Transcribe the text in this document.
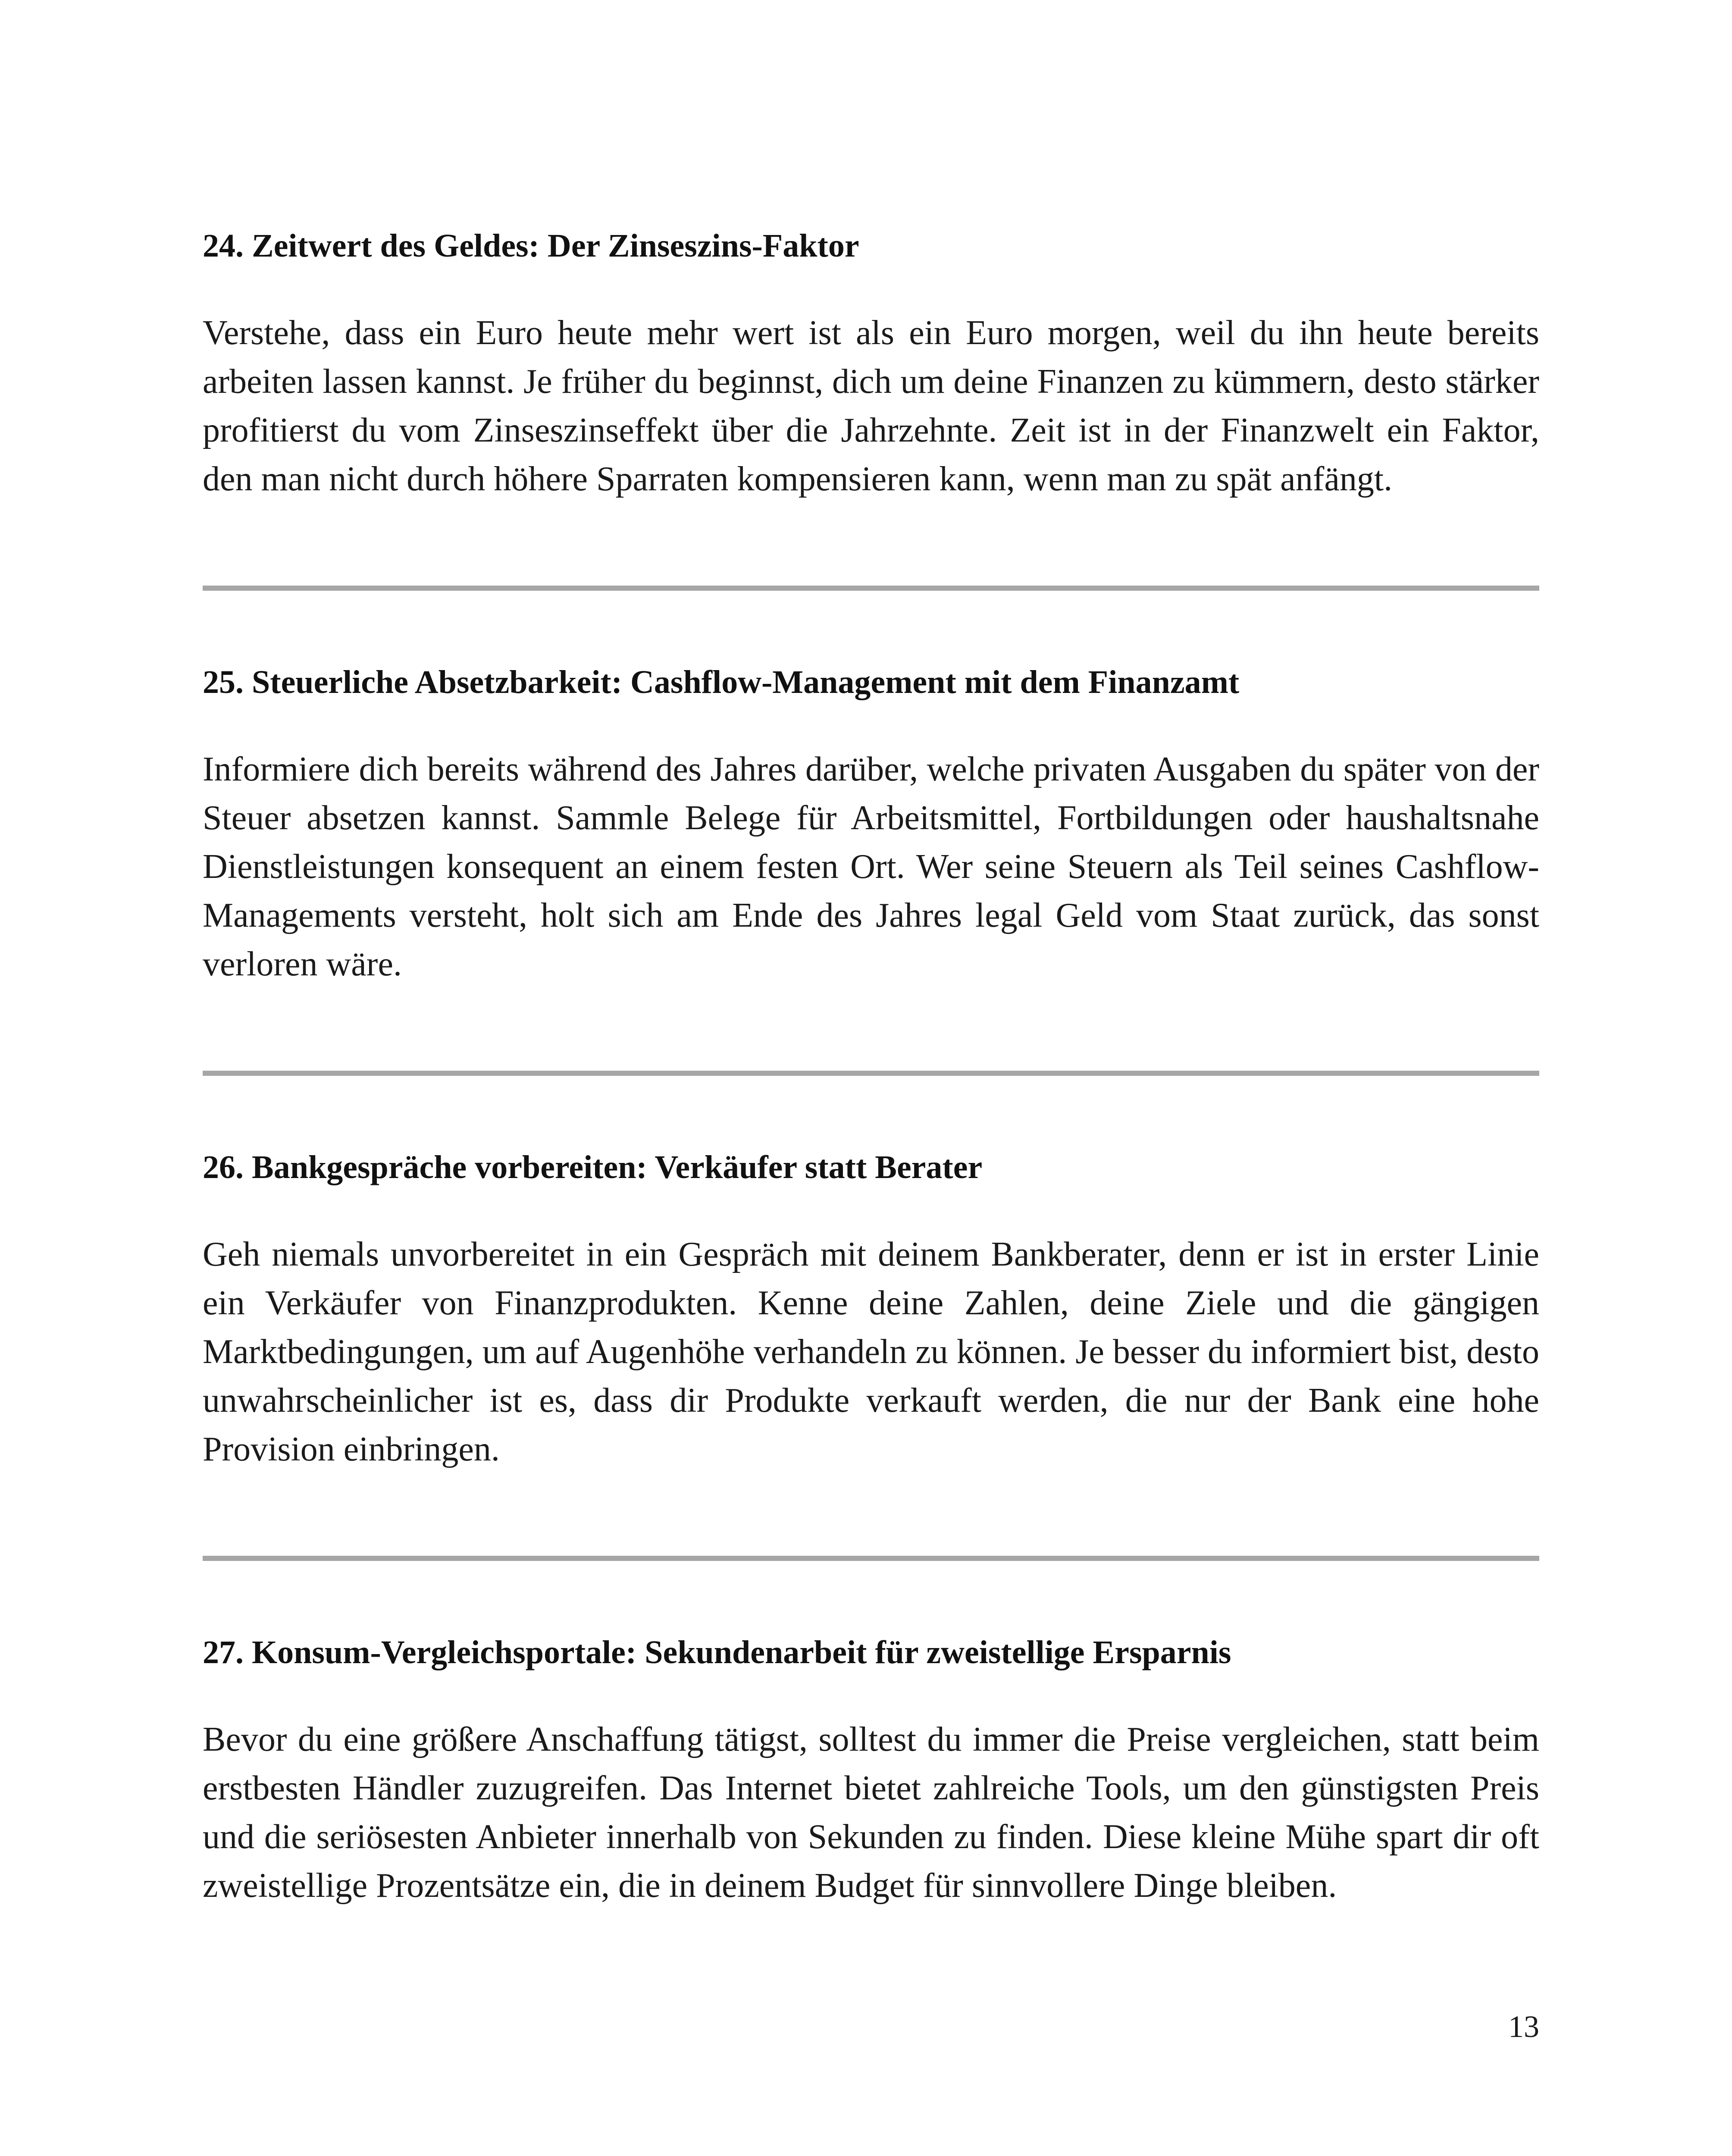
24. Zeitwert des Geldes: Der Zinseszins-Faktor

Verstehe, dass ein Euro heute mehr wert ist als ein Euro morgen, weil du ihn heute bereits arbeiten lassen kannst. Je früher du beginnst, dich um deine Finanzen zu kümmern, desto stärker profitierst du vom Zinseszinseffekt über die Jahrzehnte. Zeit ist in der Finanzwelt ein Faktor, den man nicht durch höhere Sparraten kompensieren kann, wenn man zu spät anfängt.

25. Steuerliche Absetzbarkeit: Cashflow-Management mit dem Finanzamt

Informiere dich bereits während des Jahres darüber, welche privaten Ausgaben du später von der Steuer absetzen kannst. Sammle Belege für Arbeitsmittel, Fortbildungen oder haushaltsnahe Dienstleistungen konsequent an einem festen Ort. Wer seine Steuern als Teil seines Cashflow-Managements versteht, holt sich am Ende des Jahres legal Geld vom Staat zurück, das sonst verloren wäre.

26. Bankgespräche vorbereiten: Verkäufer statt Berater

Geh niemals unvorbereitet in ein Gespräch mit deinem Bankberater, denn er ist in erster Linie ein Verkäufer von Finanzprodukten. Kenne deine Zahlen, deine Ziele und die gängigen Marktbedingungen, um auf Augenhöhe verhandeln zu können. Je besser du informiert bist, desto unwahrscheinlicher ist es, dass dir Produkte verkauft werden, die nur der Bank eine hohe Provision einbringen.

27. Konsum-Vergleichsportale: Sekundenarbeit für zweistellige Ersparnis

Bevor du eine größere Anschaffung tätigst, solltest du immer die Preise vergleichen, statt beim erstbesten Händler zuzugreifen. Das Internet bietet zahlreiche Tools, um den günstigsten Preis und die seriösesten Anbieter innerhalb von Sekunden zu finden. Diese kleine Mühe spart dir oft zweistellige Prozentsätze ein, die in deinem Budget für sinnvollere Dinge bleiben.

13
